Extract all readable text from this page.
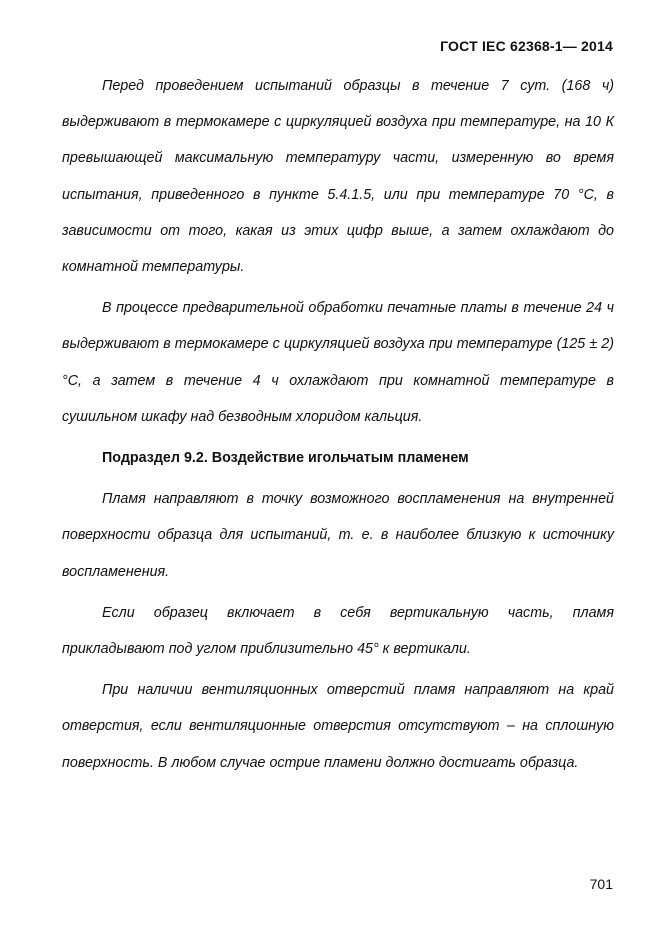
ГОСТ IEC 62368-1— 2014

Перед проведением испытаний образцы в течение 7 сут. (168 ч) выдерживают в термокамере с циркуляцией воздуха при температуре, на 10 К превышающей максимальную температуру части, измеренную во время испытания, приведенного в пункте 5.4.1.5, или при температуре 70 °С, в зависимости от того, какая из этих цифр выше, а затем охлаждают до комнатной температуры.

В процессе предварительной обработки печатные платы в течение 24 ч выдерживают в термокамере с циркуляцией воздуха при температуре (125 ± 2) °С, а затем в течение 4 ч охлаждают при комнатной температуре в сушильном шкафу над безводным хлоридом кальция.

Подраздел 9.2. Воздействие игольчатым пламенем

Пламя направляют в точку возможного воспламенения на внутренней поверхности образца для испытаний, т. е. в наиболее близкую к источнику воспламенения.

Если образец включает в себя вертикальную часть, пламя прикладывают под углом приблизительно 45° к вертикали.

При наличии вентиляционных отверстий пламя направляют на край отверстия, если вентиляционные отверстия отсутствуют – на сплошную поверхность. В любом случае острие пламени должно достигать образца.

701
